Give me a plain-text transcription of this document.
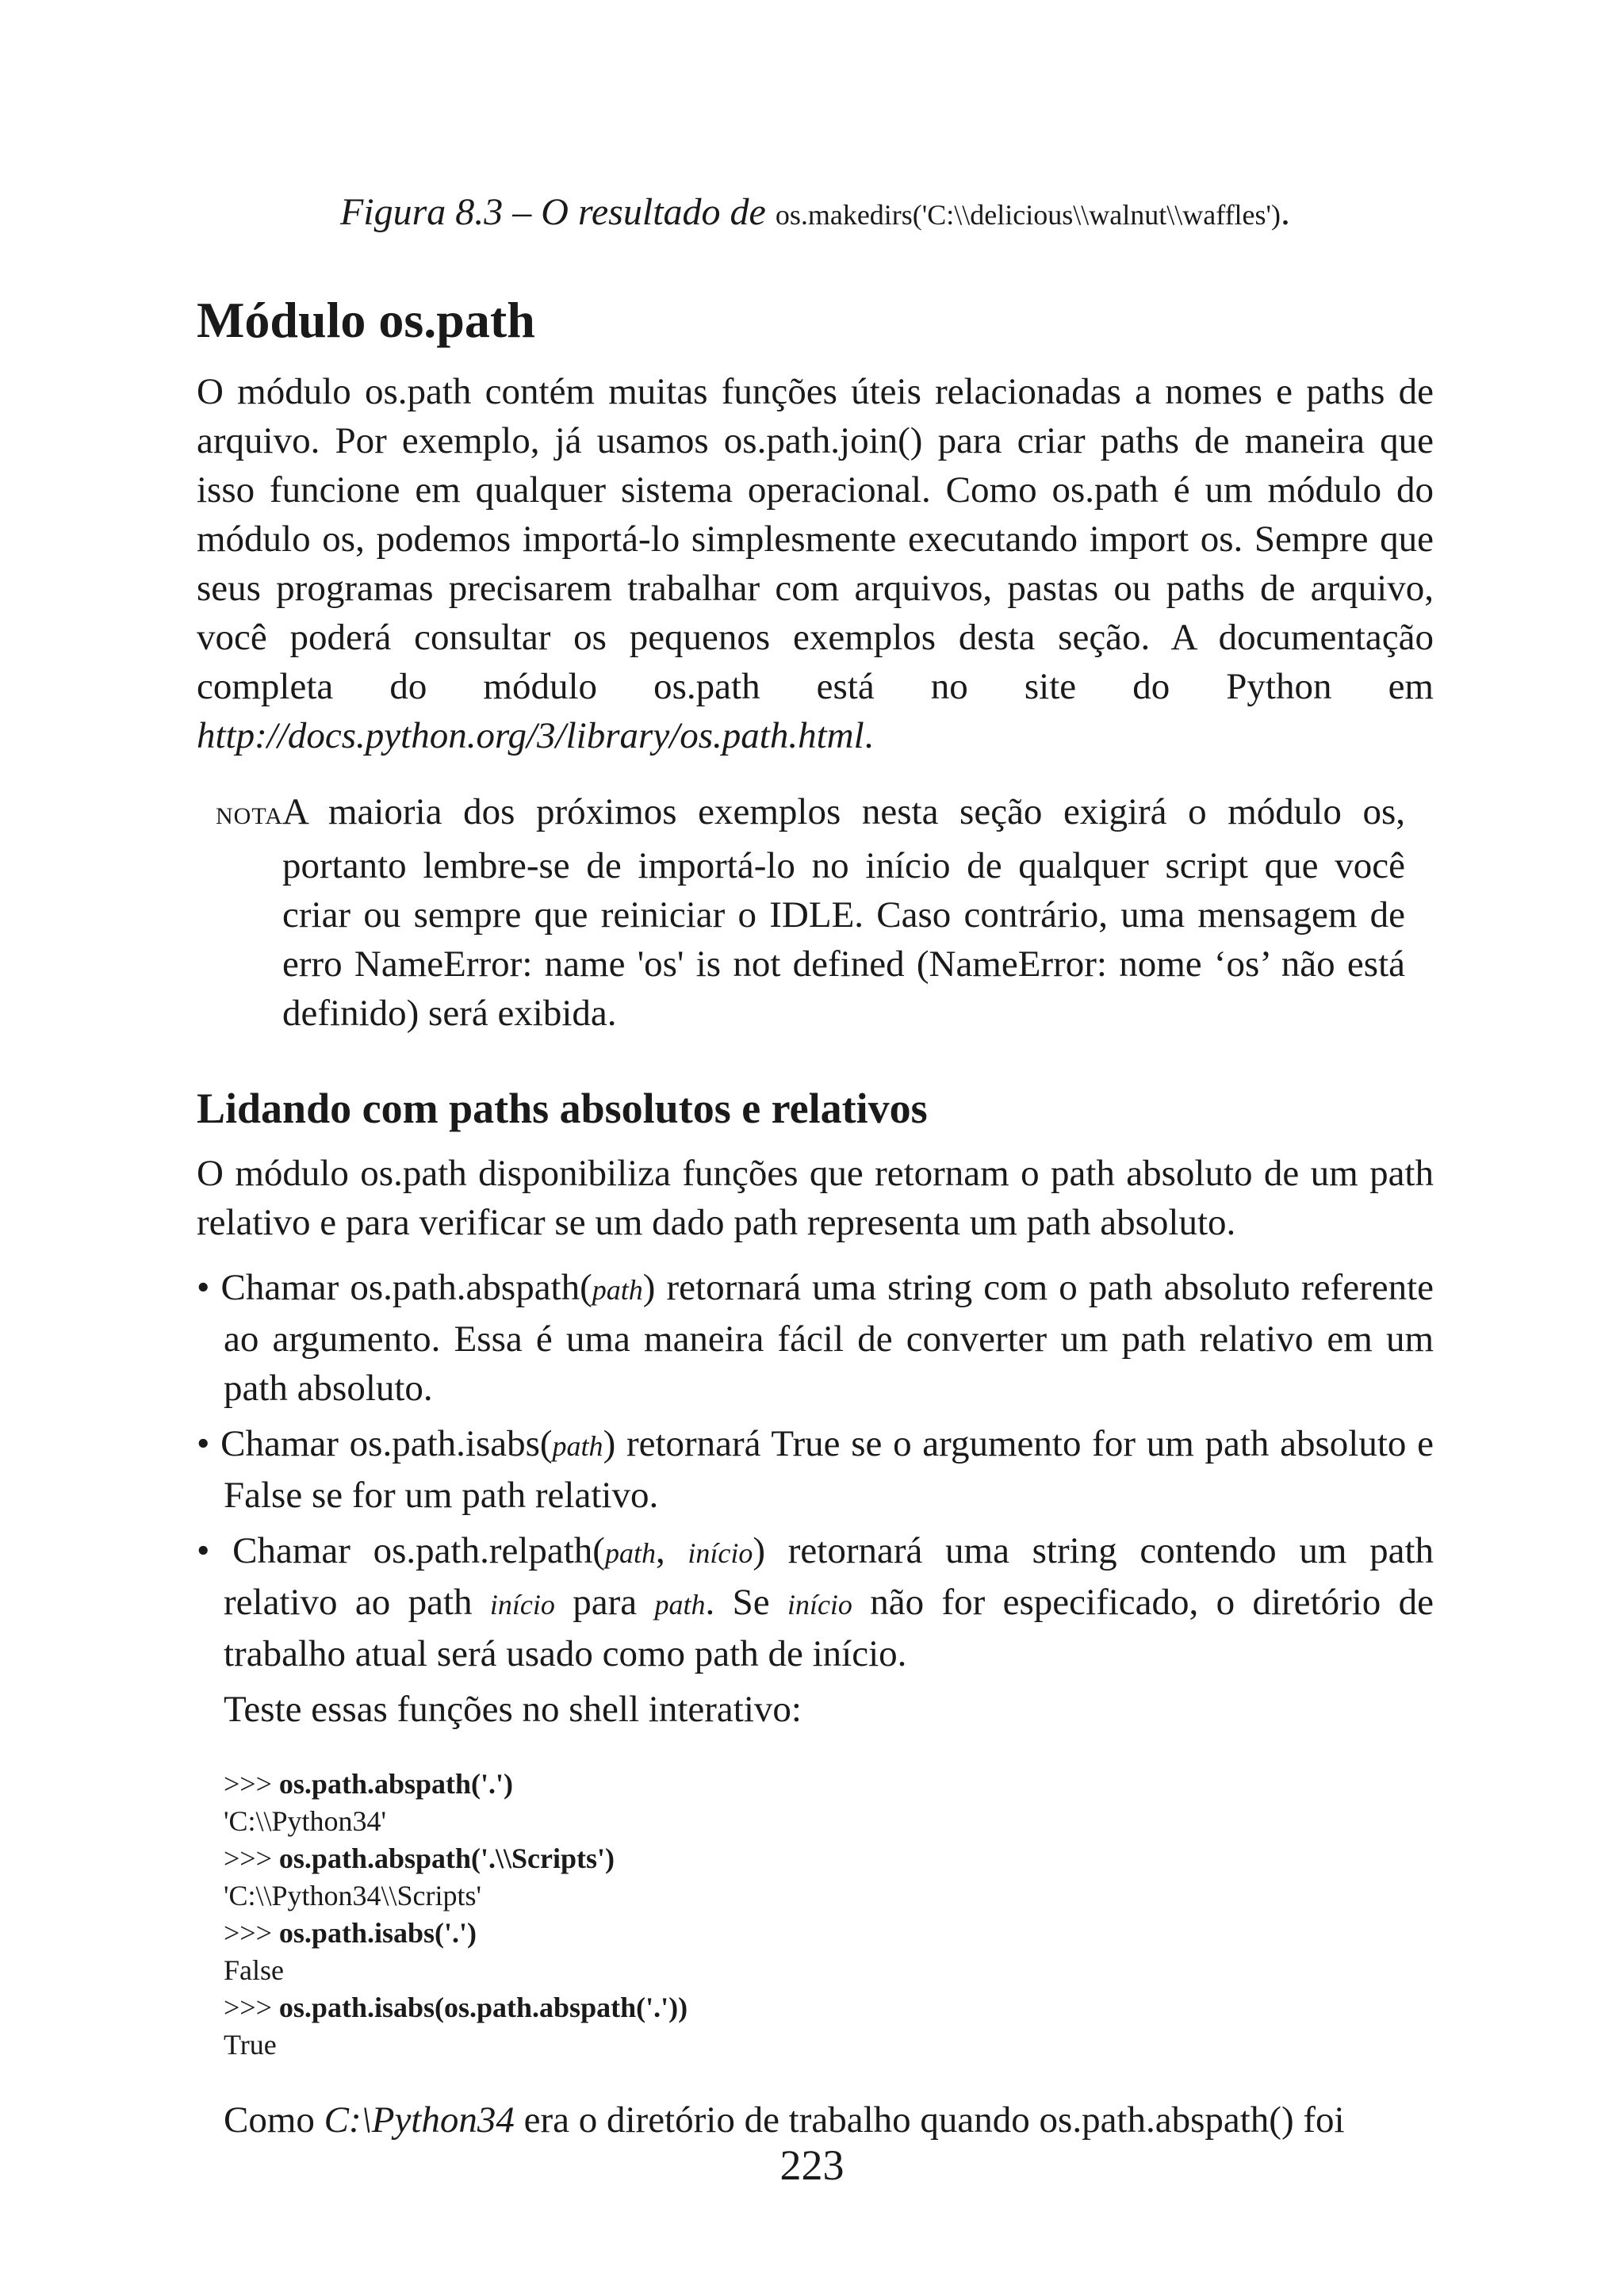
Figura 8.3 – O resultado de os.makedirs('C:\\delicious\\walnut\\waffles').
Módulo os.path

O módulo os.path contém muitas funções úteis relacionadas a nomes e paths de arquivo. Por exemplo, já usamos os.path.join() para criar paths de maneira que isso funcione em qualquer sistema operacional. Como os.path é um módulo do módulo os, podemos importá-lo simplesmente executando import os. Sempre que seus programas precisarem trabalhar com arquivos, pastas ou paths de arquivo, você poderá consultar os pequenos exemplos desta seção. A documentação completa do módulo os.path está no site do Python em http://docs.python.org/3/library/os.path.html.

NOTAA maioria dos próximos exemplos nesta seção exigirá o módulo os, portanto lembre-se de importá-lo no início de qualquer script que você criar ou sempre que reiniciar o IDLE. Caso contrário, uma mensagem de erro NameError: name 'os' is not defined (NameError: nome ‘os’ não está definido) será exibida.
Lidando com paths absolutos e relativos

O módulo os.path disponibiliza funções que retornam o path absoluto de um path relativo e para verificar se um dado path representa um path absoluto.

• Chamar os.path.abspath(path) retornará uma string com o path absoluto referente ao argumento. Essa é uma maneira fácil de converter um path relativo em um path absoluto.
• Chamar os.path.isabs(path) retornará True se o argumento for um path absoluto e False se for um path relativo.
• Chamar os.path.relpath(path, início) retornará uma string contendo um path relativo ao path início para path. Se início não for especificado, o diretório de trabalho atual será usado como path de início.
Teste essas funções no shell interativo:
>>> os.path.abspath('.')
'C:\\Python34'
>>> os.path.abspath('.\\Scripts')
'C:\\Python34\\Scripts'
>>> os.path.isabs('.')
False
>>> os.path.isabs(os.path.abspath('.'))
True
Como C:\Python34 era o diretório de trabalho quando os.path.abspath() foi
223
